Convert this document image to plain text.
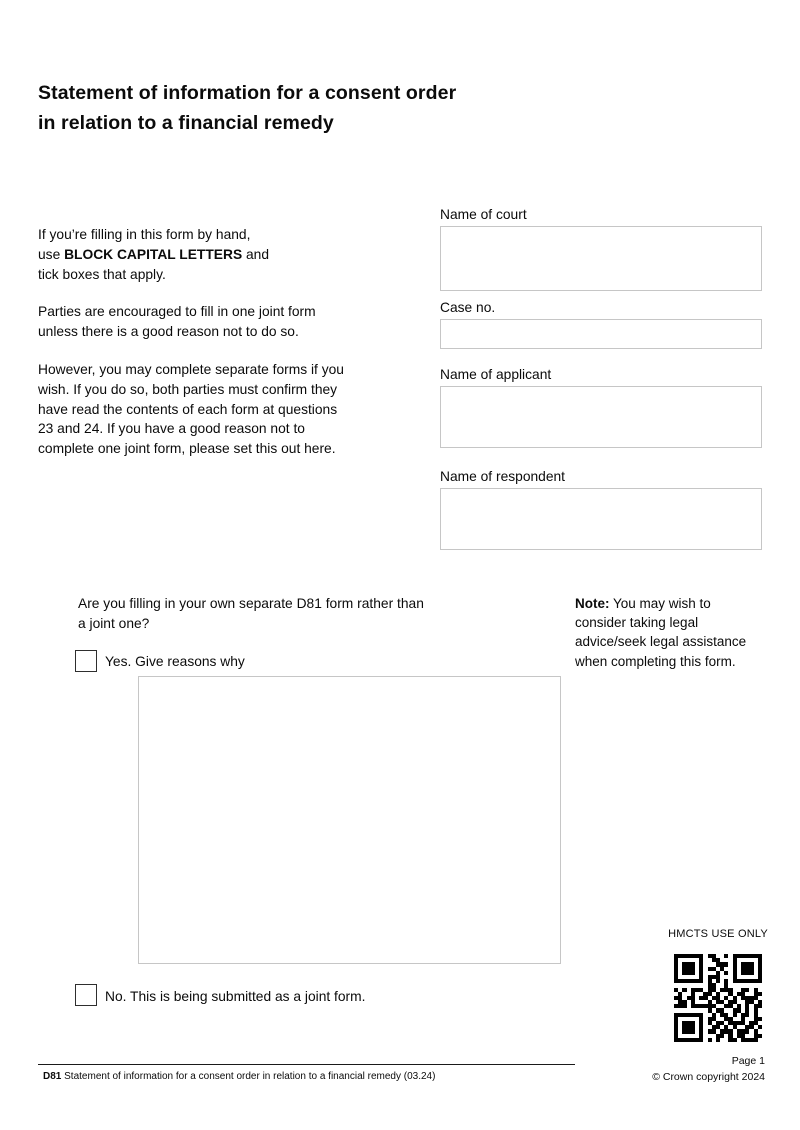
Statement of information for a consent order
in relation to a financial remedy
If you’re filling in this form by hand,
use BLOCK CAPITAL LETTERS and
tick boxes that apply.
Parties are encouraged to fill in one joint form
unless there is a good reason not to do so.
However, you may complete separate forms if you
wish. If you do so, both parties must confirm they
have read the contents of each form at questions
23 and 24. If you have a good reason not to
complete one joint form, please set this out here.
Name of court
Case no.
Name of applicant
Name of respondent
Are you filling in your own separate D81 form rather than
a joint one?
Yes. Give reasons why
No. This is being submitted as a joint form.
Note: You may wish to
consider taking legal
advice/seek legal assistance
when completing this form.
HMCTS USE ONLY
D81 Statement of information for a consent order in relation to a financial remedy (03.24)
Page 1
© Crown copyright 2024
